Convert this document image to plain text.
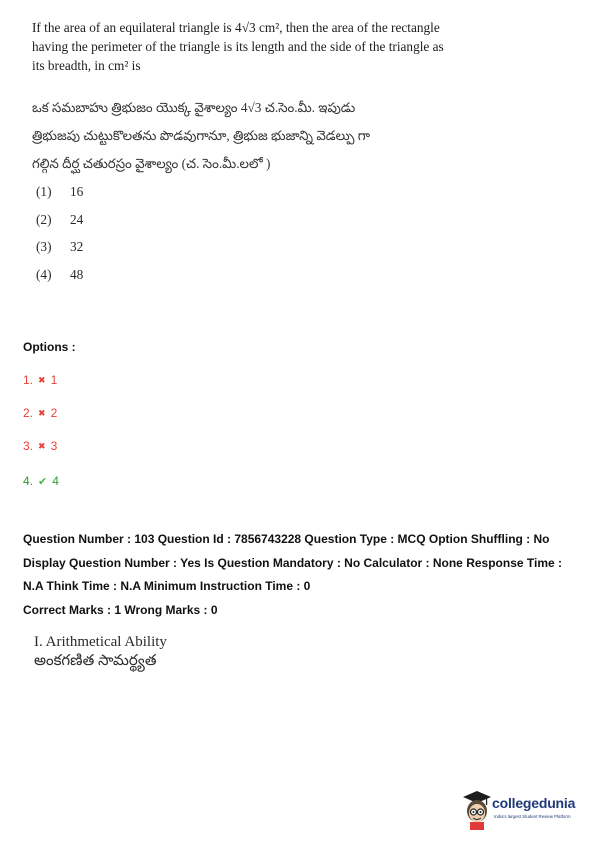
If the area of an equilateral triangle is 4√3 cm², then the area of the rectangle
having the perimeter of the triangle is its length and the side of the triangle as
its breadth, in cm² is
ఒక సమబాహు త్రిభుజం యొక్క వైశాల్యం 4√3 చ.సెం.మీ. ఇపుడు
త్రిభుజపు చుట్టుకొలతను పొడవుగానూ, త్రిభుజ భుజాన్ని వెడల్పు గా
గల్గిన దీర్ఘ చతురస్రం వైశాల్యం (చ. సెం.మీ.లలో )
(1)	16
(2)	24
(3)	32
(4)	48
Options :
1. ✖ 1
2. ✖ 2
3. ✖ 3
4. ✔ 4
Question Number : 103 Question Id : 7856743228 Question Type : MCQ Option Shuffling : No Display Question Number : Yes Is Question Mandatory : No Calculator : None Response Time : N.A Think Time : N.A Minimum Instruction Time : 0
Correct Marks : 1 Wrong Marks : 0
I. Arithmetical Ability
అంకగణిత సామర్థ్యత
collegedunia
India's largest Student Review Platform
